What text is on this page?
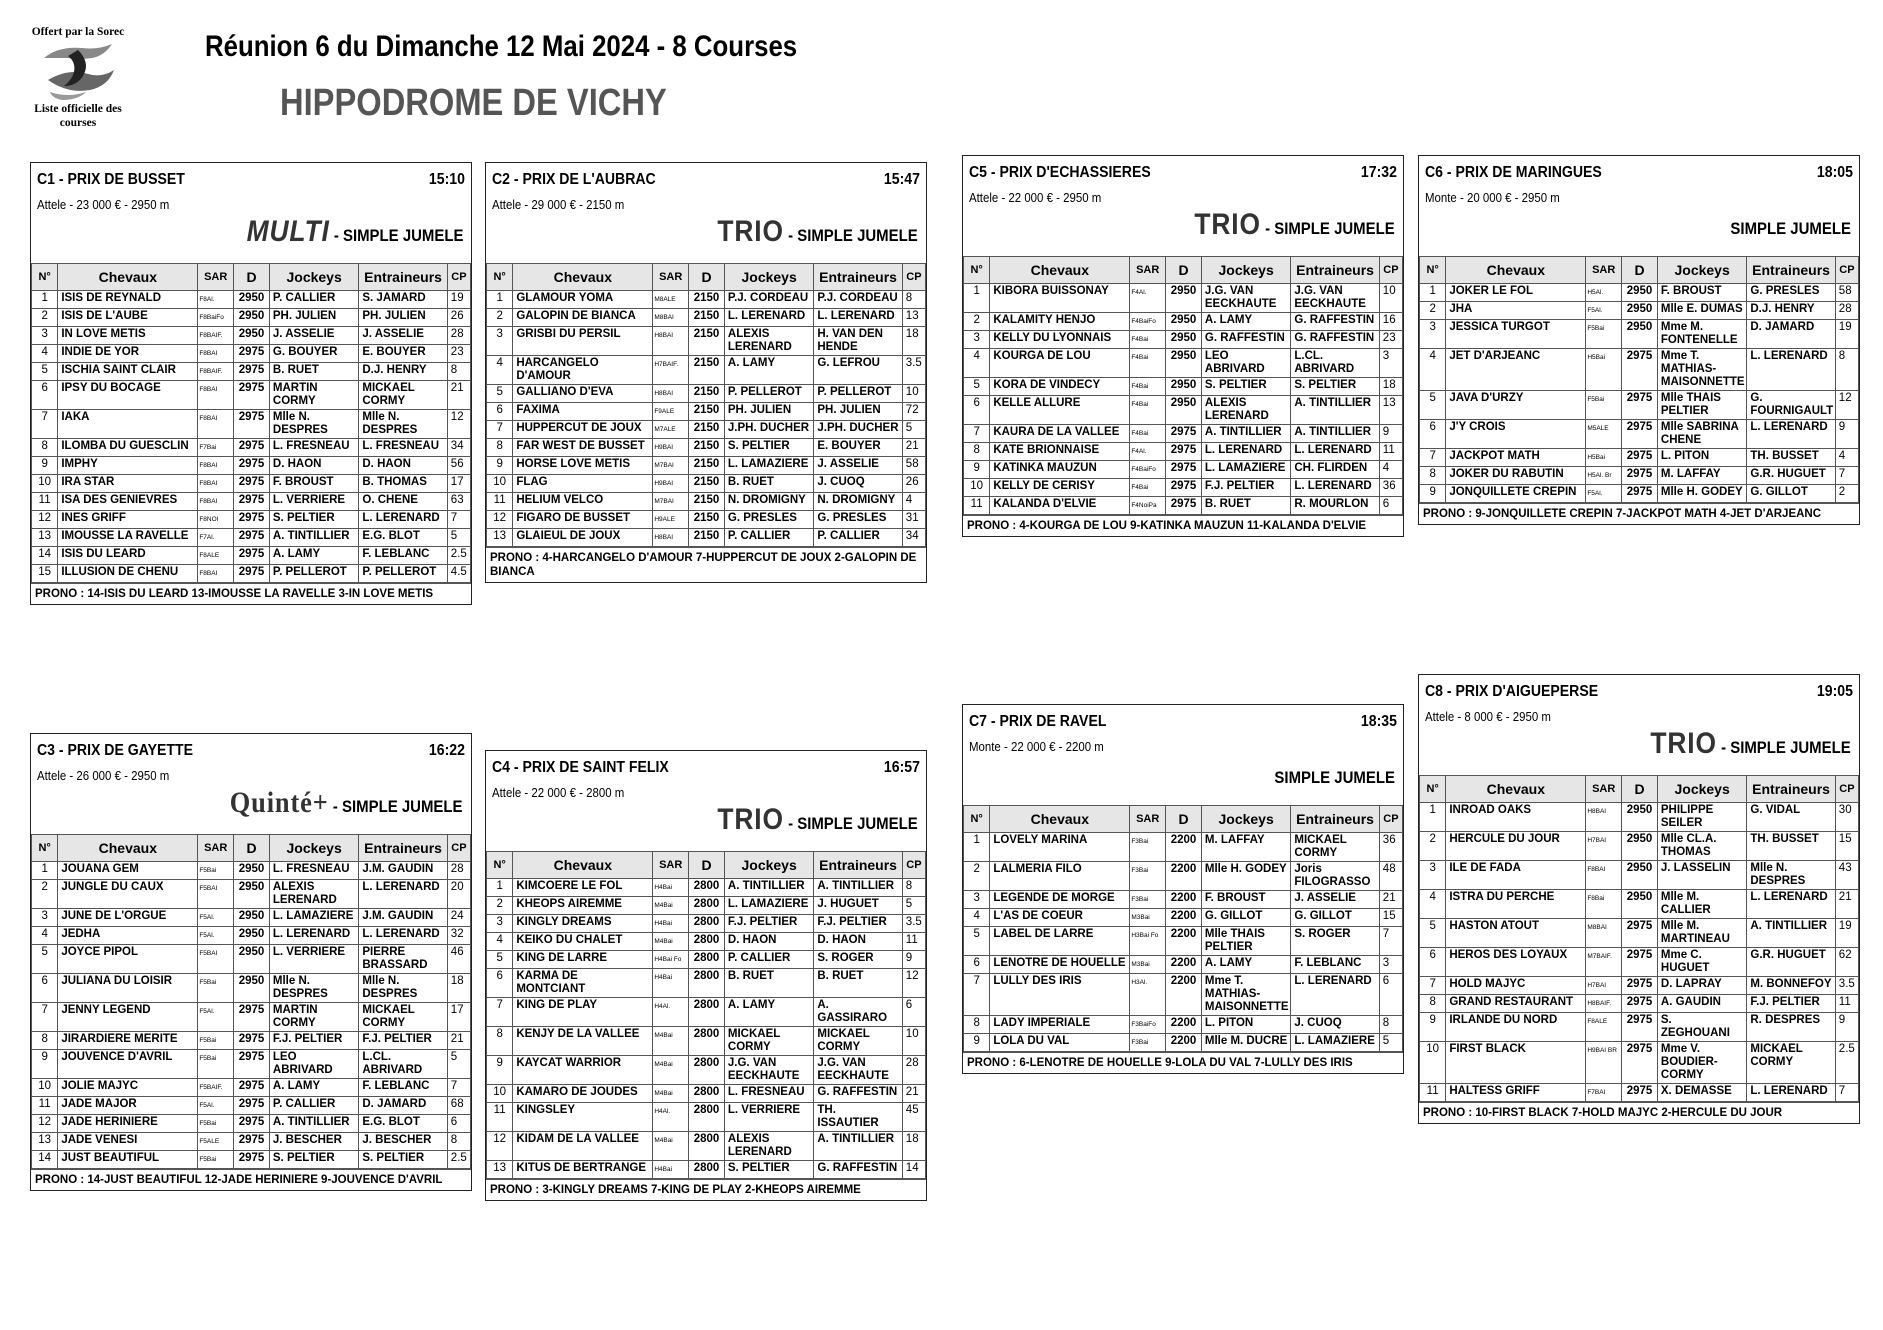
Offert par la Sorec
Liste officielle des courses
Réunion 6 du Dimanche 12 Mai 2024 - 8 Courses
HIPPODROME DE VICHY
C1 - PRIX DE BUSSET	15:10
Attele - 23 000 € - 2950 m
MULTI - SIMPLE JUMELE
N°	Chevaux	SAR	D	Jockeys	Entraineurs	CP
1	ISIS DE REYNALD	F8Al.	2950	P. CALLIER	S. JAMARD	19
2	ISIS DE L'AUBE	F8BaiFo	2950	PH. JULIEN	PH. JULIEN	26
3	IN LOVE METIS	F8BAIF.	2950	J. ASSELIE	J. ASSELIE	28
4	INDIE DE YOR	F8BAI	2975	G. BOUYER	E. BOUYER	23
5	ISCHIA SAINT CLAIR	F8BAIF.	2975	B. RUET	D.J. HENRY	8
6	IPSY DU BOCAGE	F8BAI	2975	MARTIN CORMY	MICKAEL CORMY	21
7	IAKA	F8BAI	2975	Mlle N. DESPRES	Mlle N. DESPRES	12
8	ILOMBA DU GUESCLIN	F7Bai	2975	L. FRESNEAU	L. FRESNEAU	34
9	IMPHY	F8BAI	2975	D. HAON	D. HAON	56
10	IRA STAR	F8BAI	2975	F. BROUST	B. THOMAS	17
11	ISA DES GENIEVRES	F8BAI	2975	L. VERRIERE	O. CHENE	63
12	INES GRIFF	F8NOI	2975	S. PELTIER	L. LERENARD	7
13	IMOUSSE LA RAVELLE	F7Al.	2975	A. TINTILLIER	E.G. BLOT	5
14	ISIS DU LEARD	F8ALE	2975	A. LAMY	F. LEBLANC	2.5
15	ILLUSION DE CHENU	F8BAI	2975	P. PELLEROT	P. PELLEROT	4.5
PRONO : 14-ISIS DU LEARD 13-IMOUSSE LA RAVELLE 3-IN LOVE METIS
C2 - PRIX DE L'AUBRAC	15:47
Attele - 29 000 € - 2150 m
TRIO - SIMPLE JUMELE
N°	Chevaux	SAR	D	Jockeys	Entraineurs	CP
1	GLAMOUR YOMA	M8ALE	2150	P.J. CORDEAU	P.J. CORDEAU	8
2	GALOPIN DE BIANCA	M8BAI	2150	L. LERENARD	L. LERENARD	13
3	GRISBI DU PERSIL	H8BAI	2150	ALEXIS LERENARD	H. VAN DEN HENDE	18
4	HARCANGELO D'AMOUR	H7BAIF.	2150	A. LAMY	G. LEFROU	3.5
5	GALLIANO D'EVA	H8BAI	2150	P. PELLEROT	P. PELLEROT	10
6	FAXIMA	F9ALE	2150	PH. JULIEN	PH. JULIEN	72
7	HUPPERCUT DE JOUX	M7ALE	2150	J.PH. DUCHER	J.PH. DUCHER	5
8	FAR WEST DE BUSSET	H9BAI	2150	S. PELTIER	E. BOUYER	21
9	HORSE LOVE METIS	M7BAI	2150	L. LAMAZIERE	J. ASSELIE	58
10	FLAG	H9BAI	2150	B. RUET	J. CUOQ	26
11	HELIUM VELCO	M7BAI	2150	N. DROMIGNY	N. DROMIGNY	4
12	FIGARO DE BUSSET	H9ALE	2150	G. PRESLES	G. PRESLES	31
13	GLAIEUL DE JOUX	H8BAI	2150	P. CALLIER	P. CALLIER	34
PRONO : 4-HARCANGELO D'AMOUR 7-HUPPERCUT DE JOUX 2-GALOPIN DE BIANCA
C3 - PRIX DE GAYETTE	16:22
Attele - 26 000 € - 2950 m
Quinté+ - SIMPLE JUMELE
N°	Chevaux	SAR	D	Jockeys	Entraineurs	CP
1	JOUANA GEM	F5Bai	2950	L. FRESNEAU	J.M. GAUDIN	28
2	JUNGLE DU CAUX	F5BAI	2950	ALEXIS LERENARD	L. LERENARD	20
3	JUNE DE L'ORGUE	F5Al.	2950	L. LAMAZIERE	J.M. GAUDIN	24
4	JEDHA	F5Al.	2950	L. LERENARD	L. LERENARD	32
5	JOYCE PIPOL	F5BAI	2950	L. VERRIERE	PIERRE BRASSARD	46
6	JULIANA DU LOISIR	F5Bai	2950	Mlle N. DESPRES	Mlle N. DESPRES	18
7	JENNY LEGEND	F5Al.	2975	MARTIN CORMY	MICKAEL CORMY	17
8	JIRARDIERE MERITE	F5Bai	2975	F.J. PELTIER	F.J. PELTIER	21
9	JOUVENCE D'AVRIL	F5Bai	2975	LEO ABRIVARD	L.CL. ABRIVARD	5
10	JOLIE MAJYC	F5BAIF.	2975	A. LAMY	F. LEBLANC	7
11	JADE MAJOR	F5Al.	2975	P. CALLIER	D. JAMARD	68
12	JADE HERINIERE	F5Bai	2975	A. TINTILLIER	E.G. BLOT	6
13	JADE VENESI	F5ALE	2975	J. BESCHER	J. BESCHER	8
14	JUST BEAUTIFUL	F5Bai	2975	S. PELTIER	S. PELTIER	2.5
PRONO : 14-JUST BEAUTIFUL 12-JADE HERINIERE 9-JOUVENCE D'AVRIL
C4 - PRIX DE SAINT FELIX	16:57
Attele - 22 000 € - 2800 m
TRIO - SIMPLE JUMELE
N°	Chevaux	SAR	D	Jockeys	Entraineurs	CP
1	KIMCOERE LE FOL	H4Bai	2800	A. TINTILLIER	A. TINTILLIER	8
2	KHEOPS AIREMME	M4Bai	2800	L. LAMAZIERE	J. HUGUET	5
3	KINGLY DREAMS	H4Bai	2800	F.J. PELTIER	F.J. PELTIER	3.5
4	KEIKO DU CHALET	M4Bai	2800	D. HAON	D. HAON	11
5	KING DE LARRE	H4Bai Fo	2800	P. CALLIER	S. ROGER	9
6	KARMA DE MONTCIANT	H4Bai	2800	B. RUET	B. RUET	12
7	KING DE PLAY	H4Al.	2800	A. LAMY	A. GASSIRARO	6
8	KENJY DE LA VALLEE	M4Bai	2800	MICKAEL CORMY	MICKAEL CORMY	10
9	KAYCAT WARRIOR	M4Bai	2800	J.G. VAN EECKHAUTE	J.G. VAN EECKHAUTE	28
10	KAMARO DE JOUDES	M4Bai	2800	L. FRESNEAU	G. RAFFESTIN	21
11	KINGSLEY	H4Al.	2800	L. VERRIERE	TH. ISSAUTIER	45
12	KIDAM DE LA VALLEE	M4Bai	2800	ALEXIS LERENARD	A. TINTILLIER	18
13	KITUS DE BERTRANGE	H4Bai	2800	S. PELTIER	G. RAFFESTIN	14
PRONO : 3-KINGLY DREAMS 7-KING DE PLAY 2-KHEOPS AIREMME
C5 - PRIX D'ECHASSIERES	17:32
Attele - 22 000 € - 2950 m
TRIO - SIMPLE JUMELE
N°	Chevaux	SAR	D	Jockeys	Entraineurs	CP
1	KIBORA BUISSONAY	F4Al.	2950	J.G. VAN EECKHAUTE	J.G. VAN EECKHAUTE	10
2	KALAMITY HENJO	F4BaiFo	2950	A. LAMY	G. RAFFESTIN	16
3	KELLY DU LYONNAIS	F4Bai	2950	G. RAFFESTIN	G. RAFFESTIN	23
4	KOURGA DE LOU	F4Bai	2950	LEO ABRIVARD	L.CL. ABRIVARD	3
5	KORA DE VINDECY	F4Bai	2950	S. PELTIER	S. PELTIER	18
6	KELLE ALLURE	F4Bai	2950	ALEXIS LERENARD	A. TINTILLIER	13
7	KAURA DE LA VALLEE	F4Bai	2975	A. TINTILLIER	A. TINTILLIER	9
8	KATE BRIONNAISE	F4Al.	2975	L. LERENARD	L. LERENARD	11
9	KATINKA MAUZUN	F4BaiFo	2975	L. LAMAZIERE	CH. FLIRDEN	4
10	KELLY DE CERISY	F4Bai	2975	F.J. PELTIER	L. LERENARD	36
11	KALANDA D'ELVIE	F4NoiPa	2975	B. RUET	R. MOURLON	6
PRONO : 4-KOURGA DE LOU 9-KATINKA MAUZUN 11-KALANDA D'ELVIE
C6 - PRIX DE MARINGUES	18:05
Monte - 20 000 € - 2950 m
SIMPLE JUMELE
N°	Chevaux	SAR	D	Jockeys	Entraineurs	CP
1	JOKER LE FOL	H5Al.	2950	F. BROUST	G. PRESLES	58
2	JHA	F5Al.	2950	Mlle E. DUMAS	D.J. HENRY	28
3	JESSICA TURGOT	F5Bai	2950	Mme M. FONTENELLE	D. JAMARD	19
4	JET D'ARJEANC	H5Bai	2975	Mme T. MATHIAS-MAISONNETTE	L. LERENARD	8
5	JAVA D'URZY	F5Bai	2975	Mlle THAIS PELTIER	G. FOURNIGAULT	12
6	J'Y CROIS	M5ALE	2975	Mlle SABRINA CHENE	L. LERENARD	9
7	JACKPOT MATH	H5Bai	2975	L. PITON	TH. BUSSET	4
8	JOKER DU RABUTIN	H5Al. Br	2975	M. LAFFAY	G.R. HUGUET	7
9	JONQUILLETE CREPIN	F5Al.	2975	Mlle H. GODEY	G. GILLOT	2
PRONO : 9-JONQUILLETE CREPIN 7-JACKPOT MATH 4-JET D'ARJEANC
C7 - PRIX DE RAVEL	18:35
Monte - 22 000 € - 2200 m
SIMPLE JUMELE
N°	Chevaux	SAR	D	Jockeys	Entraineurs	CP
1	LOVELY MARINA	F3Bai	2200	M. LAFFAY	MICKAEL CORMY	36
2	LALMERIA FILO	F3Bai	2200	Mlle H. GODEY	Joris FILOGRASSO	48
3	LEGENDE DE MORGE	F3Bai	2200	F. BROUST	J. ASSELIE	21
4	L'AS DE COEUR	M3Bai	2200	G. GILLOT	G. GILLOT	15
5	LABEL DE LARRE	H3Bai Fo	2200	Mlle THAIS PELTIER	S. ROGER	7
6	LENOTRE DE HOUELLE	M3Bai	2200	A. LAMY	F. LEBLANC	3
7	LULLY DES IRIS	H3Al.	2200	Mme T. MATHIAS-MAISONNETTE	L. LERENARD	6
8	LADY IMPERIALE	F3BaiFo	2200	L. PITON	J. CUOQ	8
9	LOLA DU VAL	F3Bai	2200	Mlle M. DUCRE	L. LAMAZIERE	5
PRONO : 6-LENOTRE DE HOUELLE 9-LOLA DU VAL 7-LULLY DES IRIS
C8 - PRIX D'AIGUEPERSE	19:05
Attele - 8 000 € - 2950 m
TRIO - SIMPLE JUMELE
N°	Chevaux	SAR	D	Jockeys	Entraineurs	CP
1	INROAD OAKS	H8BAI	2950	PHILIPPE SEILER	G. VIDAL	30
2	HERCULE DU JOUR	H7BAI	2950	Mlle CL.A. THOMAS	TH. BUSSET	15
3	ILE DE FADA	F8BAI	2950	J. LASSELIN	Mlle N. DESPRES	43
4	ISTRA DU PERCHE	F8Bai	2950	Mlle M. CALLIER	L. LERENARD	21
5	HASTON ATOUT	M8BAI	2975	Mlle M. MARTINEAU	A. TINTILLIER	19
6	HEROS DES LOYAUX	M7BAIF.	2975	Mme C. HUGUET	G.R. HUGUET	62
7	HOLD MAJYC	H7BAI	2975	D. LAPRAY	M. BONNEFOY	3.5
8	GRAND RESTAURANT	H8BAIF.	2975	A. GAUDIN	F.J. PELTIER	11
9	IRLANDE DU NORD	F8ALE	2975	S. ZEGHOUANI	R. DESPRES	9
10	FIRST BLACK	H9BAI BR	2975	Mme V. BOUDIER-CORMY	MICKAEL CORMY	2.5
11	HALTESS GRIFF	F7BAI	2975	X. DEMASSE	L. LERENARD	7
PRONO : 10-FIRST BLACK 7-HOLD MAJYC 2-HERCULE DU JOUR
